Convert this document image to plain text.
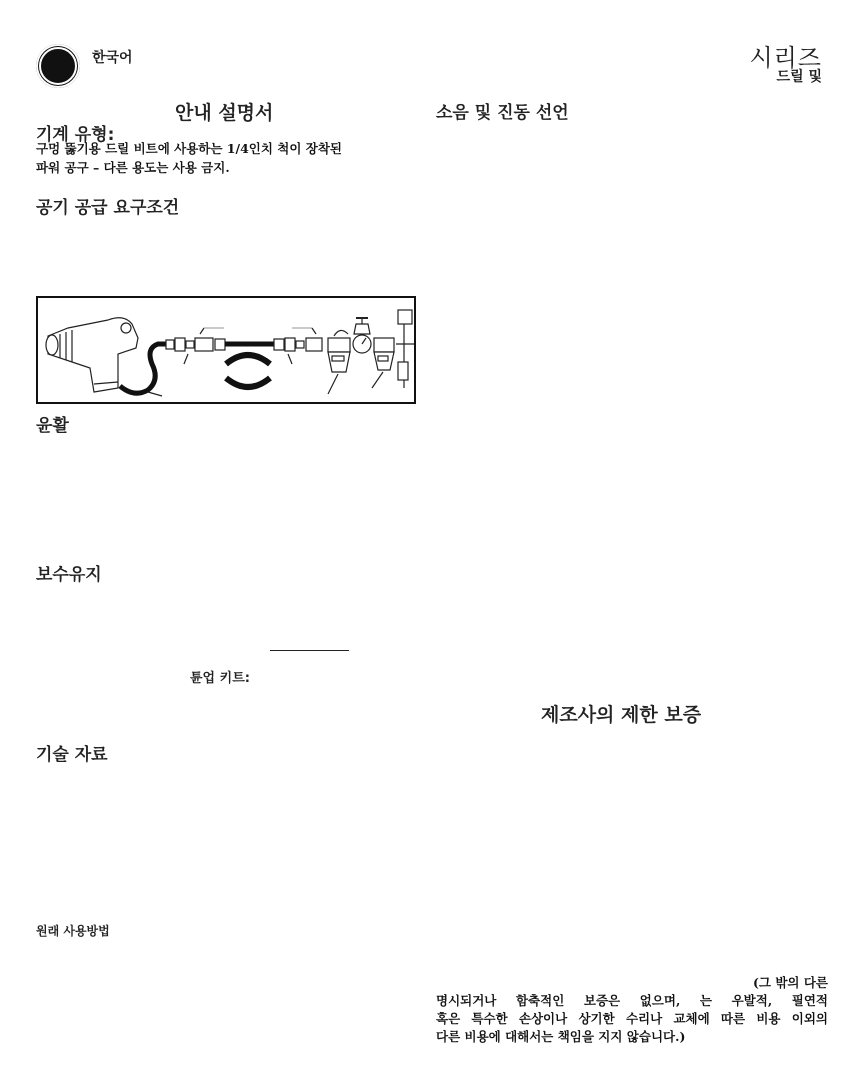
한국어	시리즈
드릴 및
안내 설명서
기계 유형:
구멍 뚫기용 드릴 비트에 사용하는 1/4인치 척이 장착된
파워 공구 – 다른 용도는 사용 금지.
공기 공급 요구조건
윤활
보수유지
튠업 키트:
기술 자료
원래 사용방법
소음 및 진동 선언
제조사의 제한 보증
(그 밖의 다른
명시되거나 함축적인 보증은 없으며, 는 우발적, 필연적
혹은 특수한 손상이나 상기한 수리나 교체에 따른 비용 이외의
다른 비용에 대해서는 책임을 지지 않습니다.)
